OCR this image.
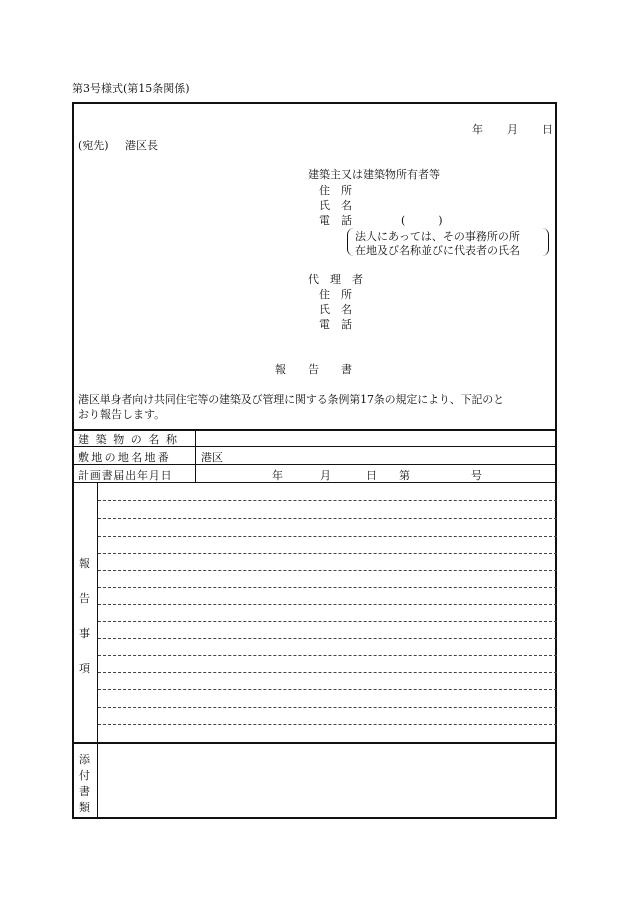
第3号様式(第15条関係)
年 月 日
(宛先) 港区長
建築主又は建築物所有者等
住　所
氏　名
電　話	(　　　)
法人にあっては、その事務所の所
在地及び名称並びに代表者の氏名
代　理　者
住　所
氏　名
電　話
報　　告　　書
港区単身者向け共同住宅等の建築及び管理に関する条例第17条の規定により、下記のと
おり報告します。
建築物の名称
敷地の地名地番	港区
計画書届出年月日	年	月	日 第	号
報
告
事
項
添
付
書
類
